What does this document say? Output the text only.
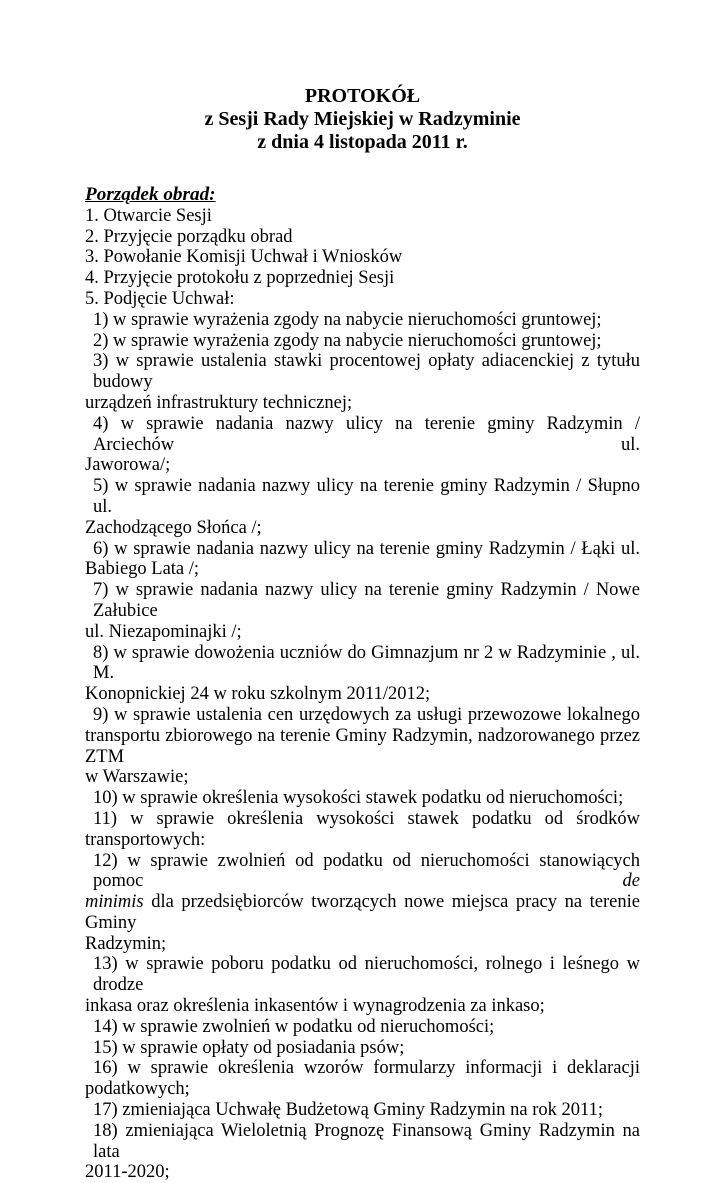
PROTOKÓŁ
z Sesji Rady Miejskiej w Radzyminie
z dnia 4 listopada 2011 r.
Porządek obrad:
1. Otwarcie Sesji
2. Przyjęcie porządku obrad
3. Powołanie Komisji Uchwał i Wniosków
4. Przyjęcie protokołu z poprzedniej Sesji
5. Podjęcie Uchwał:
1) w sprawie wyrażenia zgody na nabycie nieruchomości gruntowej;
2) w sprawie wyrażenia zgody na nabycie nieruchomości gruntowej;
3) w sprawie ustalenia stawki procentowej opłaty adiacenckiej z tytułu budowy
urządzeń infrastruktury technicznej;
4) w sprawie nadania nazwy ulicy na terenie gminy Radzymin / Arciechów ul.
Jaworowa/;
5) w sprawie nadania nazwy ulicy na terenie gminy Radzymin / Słupno ul.
Zachodzącego Słońca /;
6) w sprawie nadania nazwy ulicy na terenie gminy Radzymin / Łąki ul.
Babiego Lata /;
7) w sprawie nadania nazwy ulicy na terenie gminy Radzymin / Nowe Załubice
ul. Niezapominajki /;
8) w sprawie dowożenia uczniów do Gimnazjum nr 2 w Radzyminie , ul. M.
Konopnickiej 24 w roku szkolnym 2011/2012;
9) w sprawie ustalenia cen urzędowych za usługi przewozowe lokalnego
transportu zbiorowego na terenie Gminy Radzymin, nadzorowanego przez ZTM
w Warszawie;
10) w sprawie określenia wysokości stawek podatku od nieruchomości;
11) w sprawie określenia wysokości stawek podatku od środków
transportowych:
12) w sprawie zwolnień od podatku od nieruchomości stanowiących pomoc de
minimis dla przedsiębiorców tworzących nowe miejsca pracy na terenie Gminy
Radzymin;
13) w sprawie poboru podatku od nieruchomości, rolnego i leśnego w drodze
inkasa oraz określenia inkasentów i wynagrodzenia za inkaso;
14) w sprawie zwolnień w podatku od nieruchomości;
15) w sprawie opłaty od posiadania psów;
16) w sprawie określenia wzorów formularzy informacji i deklaracji
podatkowych;
17) zmieniająca Uchwałę Budżetową Gminy Radzymin na rok 2011;
18) zmieniająca Wieloletnią Prognozę Finansową Gminy Radzymin na lata
2011-2020;
